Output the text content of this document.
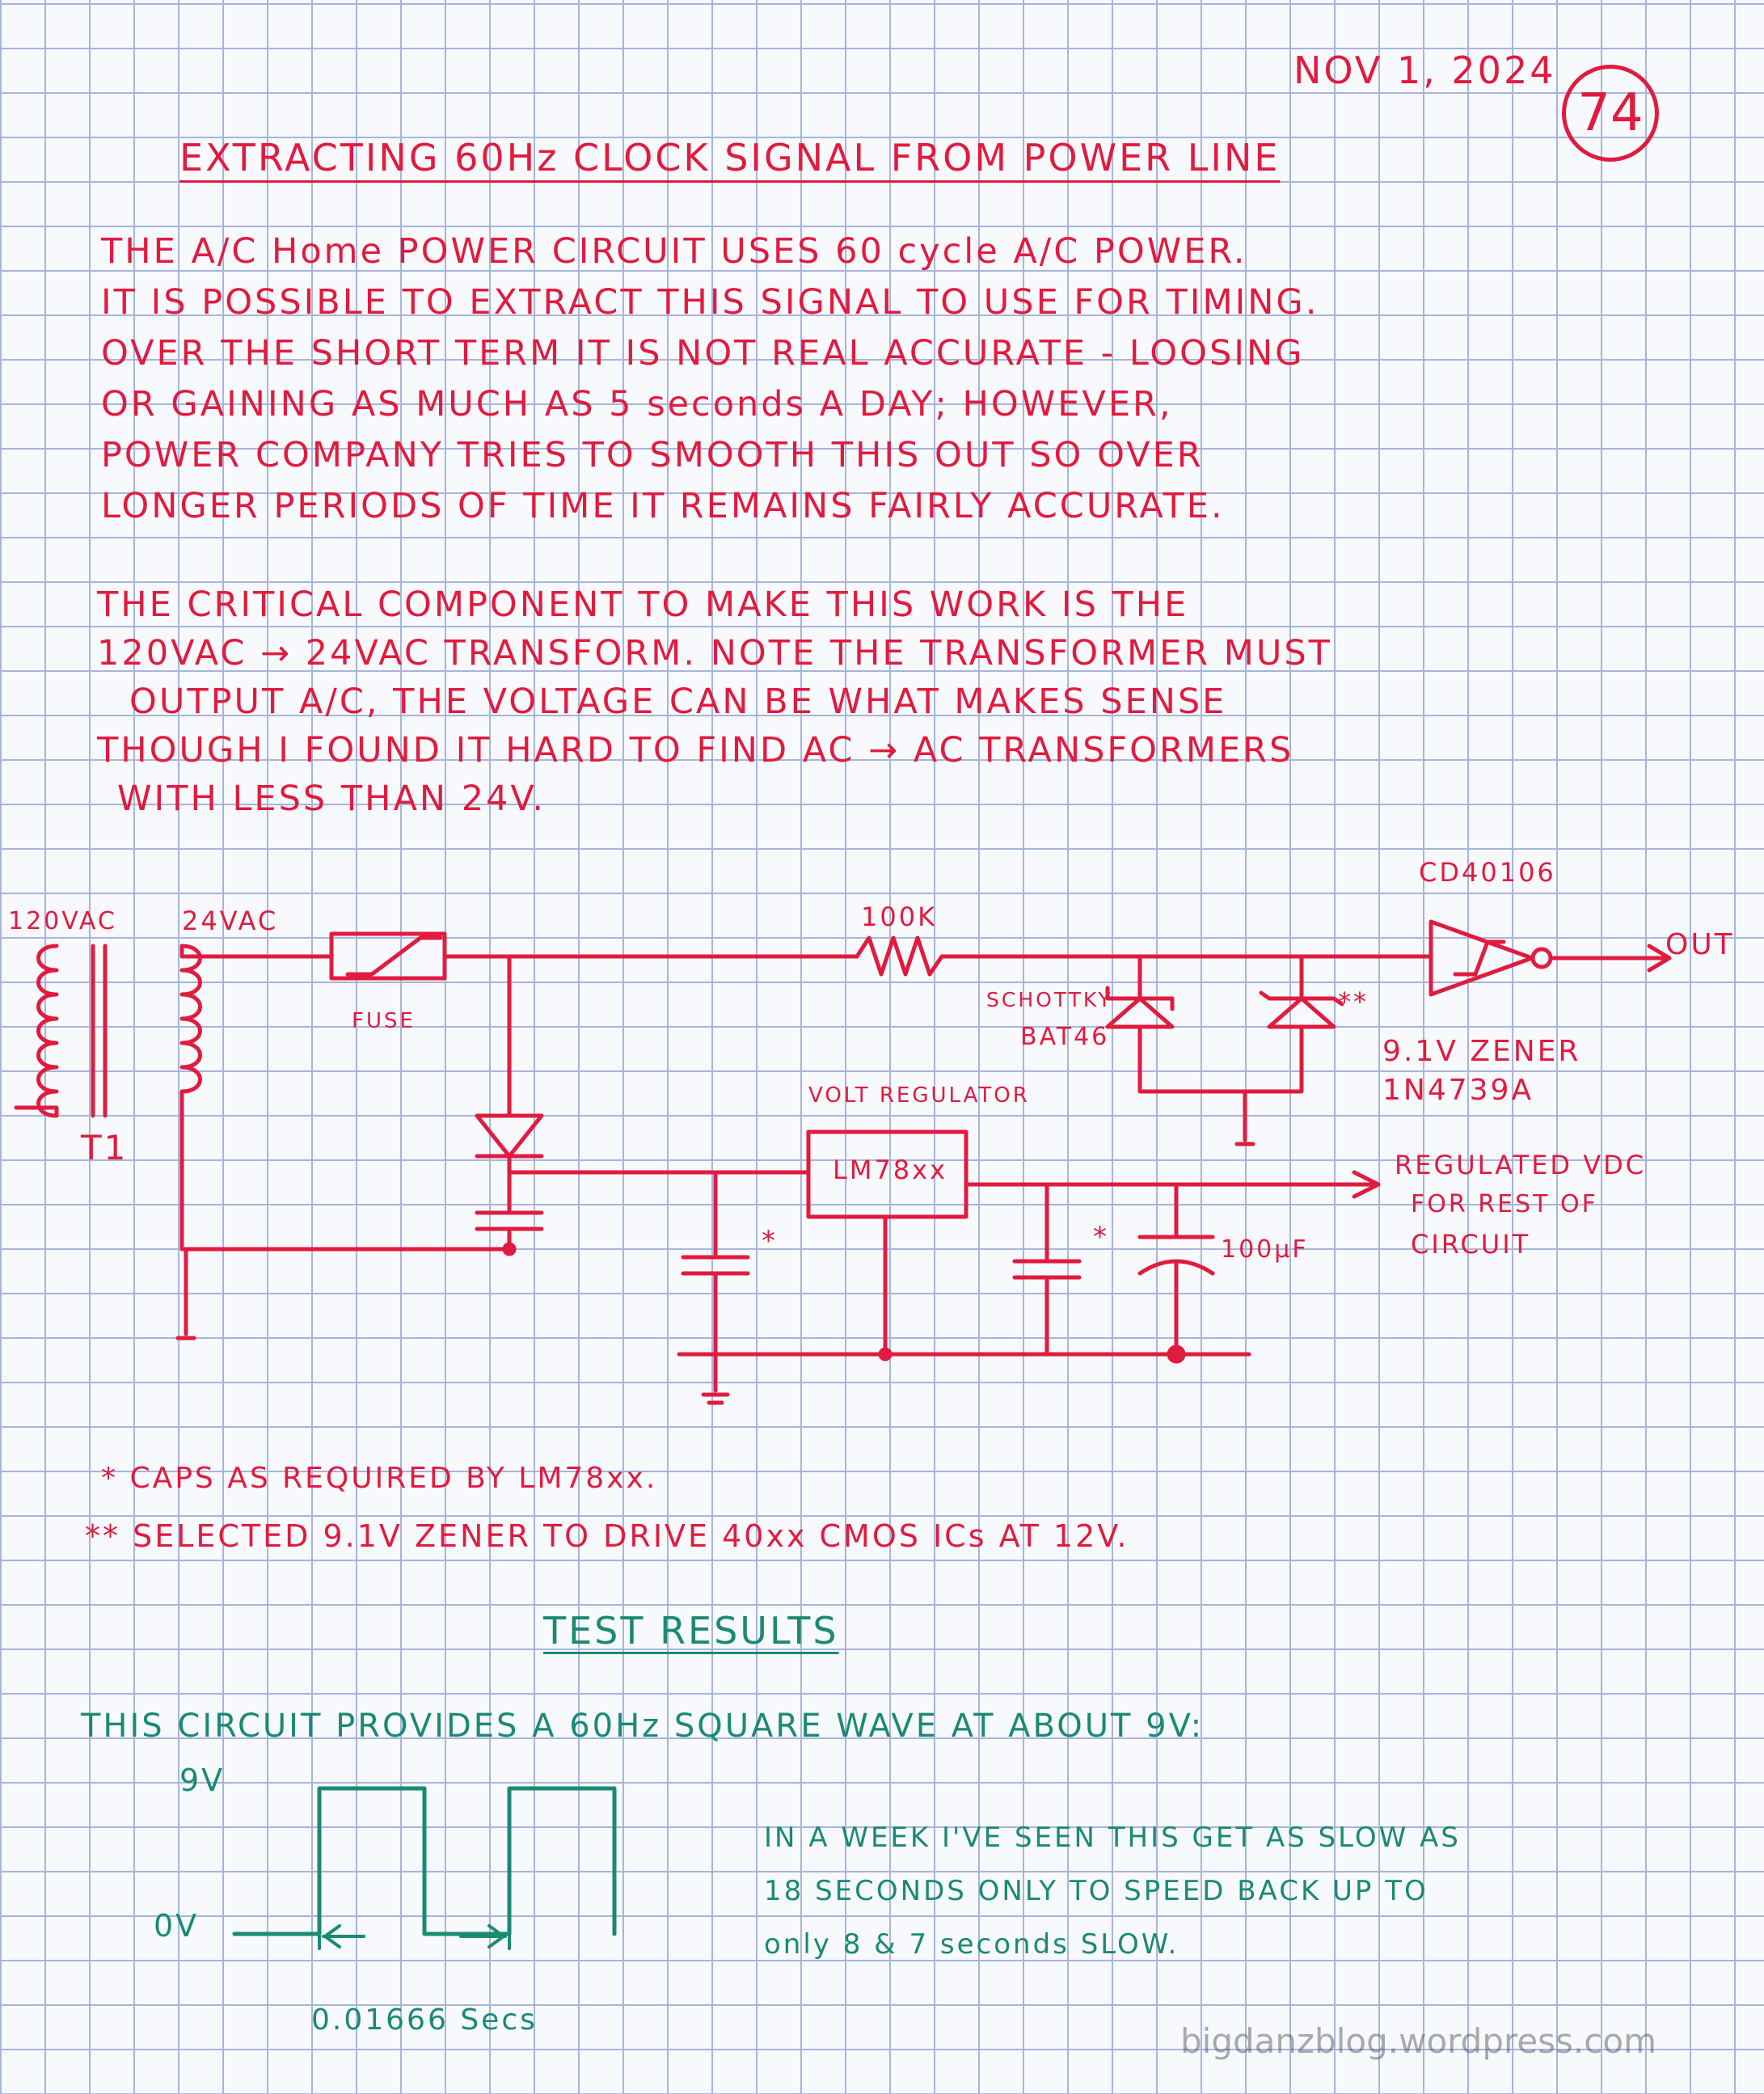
NOV 1, 2024
74
EXTRACTING 60Hz CLOCK SIGNAL FROM POWER LINE
THE A/C Home POWER CIRCUIT USES 60 cycle A/C POWER.
IT IS POSSIBLE TO EXTRACT THIS SIGNAL TO USE FOR TIMING.
OVER THE SHORT TERM IT IS NOT REAL ACCURATE - LOOSING
OR GAINING AS MUCH AS 5 seconds A DAY; HOWEVER,
POWER COMPANY TRIES TO SMOOTH THIS OUT SO OVER
LONGER PERIODS OF TIME IT REMAINS FAIRLY ACCURATE.
THE CRITICAL COMPONENT TO MAKE THIS WORK IS THE
120VAC → 24VAC TRANSFORM. NOTE THE TRANSFORMER MUST
OUTPUT A/C, THE VOLTAGE CAN BE WHAT MAKES SENSE
THOUGH I FOUND IT HARD TO FIND AC → AC TRANSFORMERS
WITH LESS THAN 24V.
120VAC	24VAC
T1
FUSE
100K
SCHOTTKY
BAT46
**
9.1V ZENER
1N4739A
CD40106
OUT
VOLT REGULATOR
LM78xx
*	*	100µF
REGULATED VDC
FOR REST OF
CIRCUIT
* CAPS AS REQUIRED BY LM78xx.
** SELECTED 9.1V ZENER TO DRIVE 40xx CMOS ICs AT 12V.
TEST RESULTS
THIS CIRCUIT PROVIDES A 60Hz SQUARE WAVE AT ABOUT 9V:
9V
0V
0.01666 Secs
IN A WEEK I'VE SEEN THIS GET AS SLOW AS
18 SECONDS ONLY TO SPEED BACK UP TO
only 8 & 7 seconds SLOW.
bigdanzblog.wordpress.com
